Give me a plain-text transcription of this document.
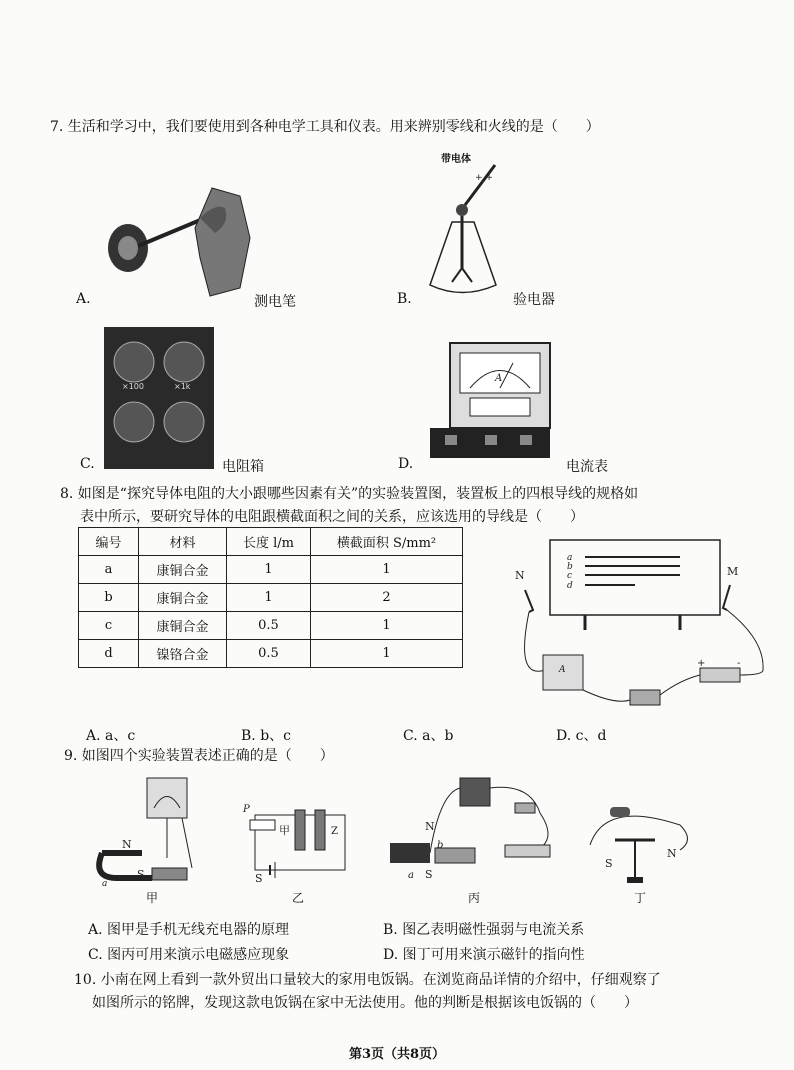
7. 生活和学习中，我们要使用到各种电学工具和仪表。用来辨别零线和火线的是（　　）
A.	测电笔
带电体
+ +
B.	验电器
×100	×1k
C.	电阻箱
A
D.	电流表
8. 如图是“探究导体电阻的大小跟哪些因素有关”的实验装置图，装置板上的四根导线的规格如
表中所示，要研究导体的电阻跟横截面积之间的关系，应该选用的导线是（　　）
编号	材料	长度 l/m	横截面积 S/mm²
a	康铜合金	1	1
b	康铜合金	1	2
c	康铜合金	0.5	1
d	镍铬合金	0.5	1
a
b
c
d
N	M
A
+	-
A. a、c	B. b、c	C. a、b	D. c、d
9. 如图四个实验装置表述正确的是（　　）
N
S
a
甲
P
甲	Z
S
乙
N
b
a S
丙
S
N
丁
A. 图甲是手机无线充电器的原理	B. 图乙表明磁性强弱与电流关系
C. 图丙可用来演示电磁感应现象	D. 图丁可用来演示磁针的指向性
10. 小南在网上看到一款外贸出口量较大的家用电饭锅。在浏览商品详情的介绍中，仔细观察了
如图所示的铭牌，发现这款电饭锅在家中无法使用。他的判断是根据该电饭锅的（　　）
第3页（共8页）
